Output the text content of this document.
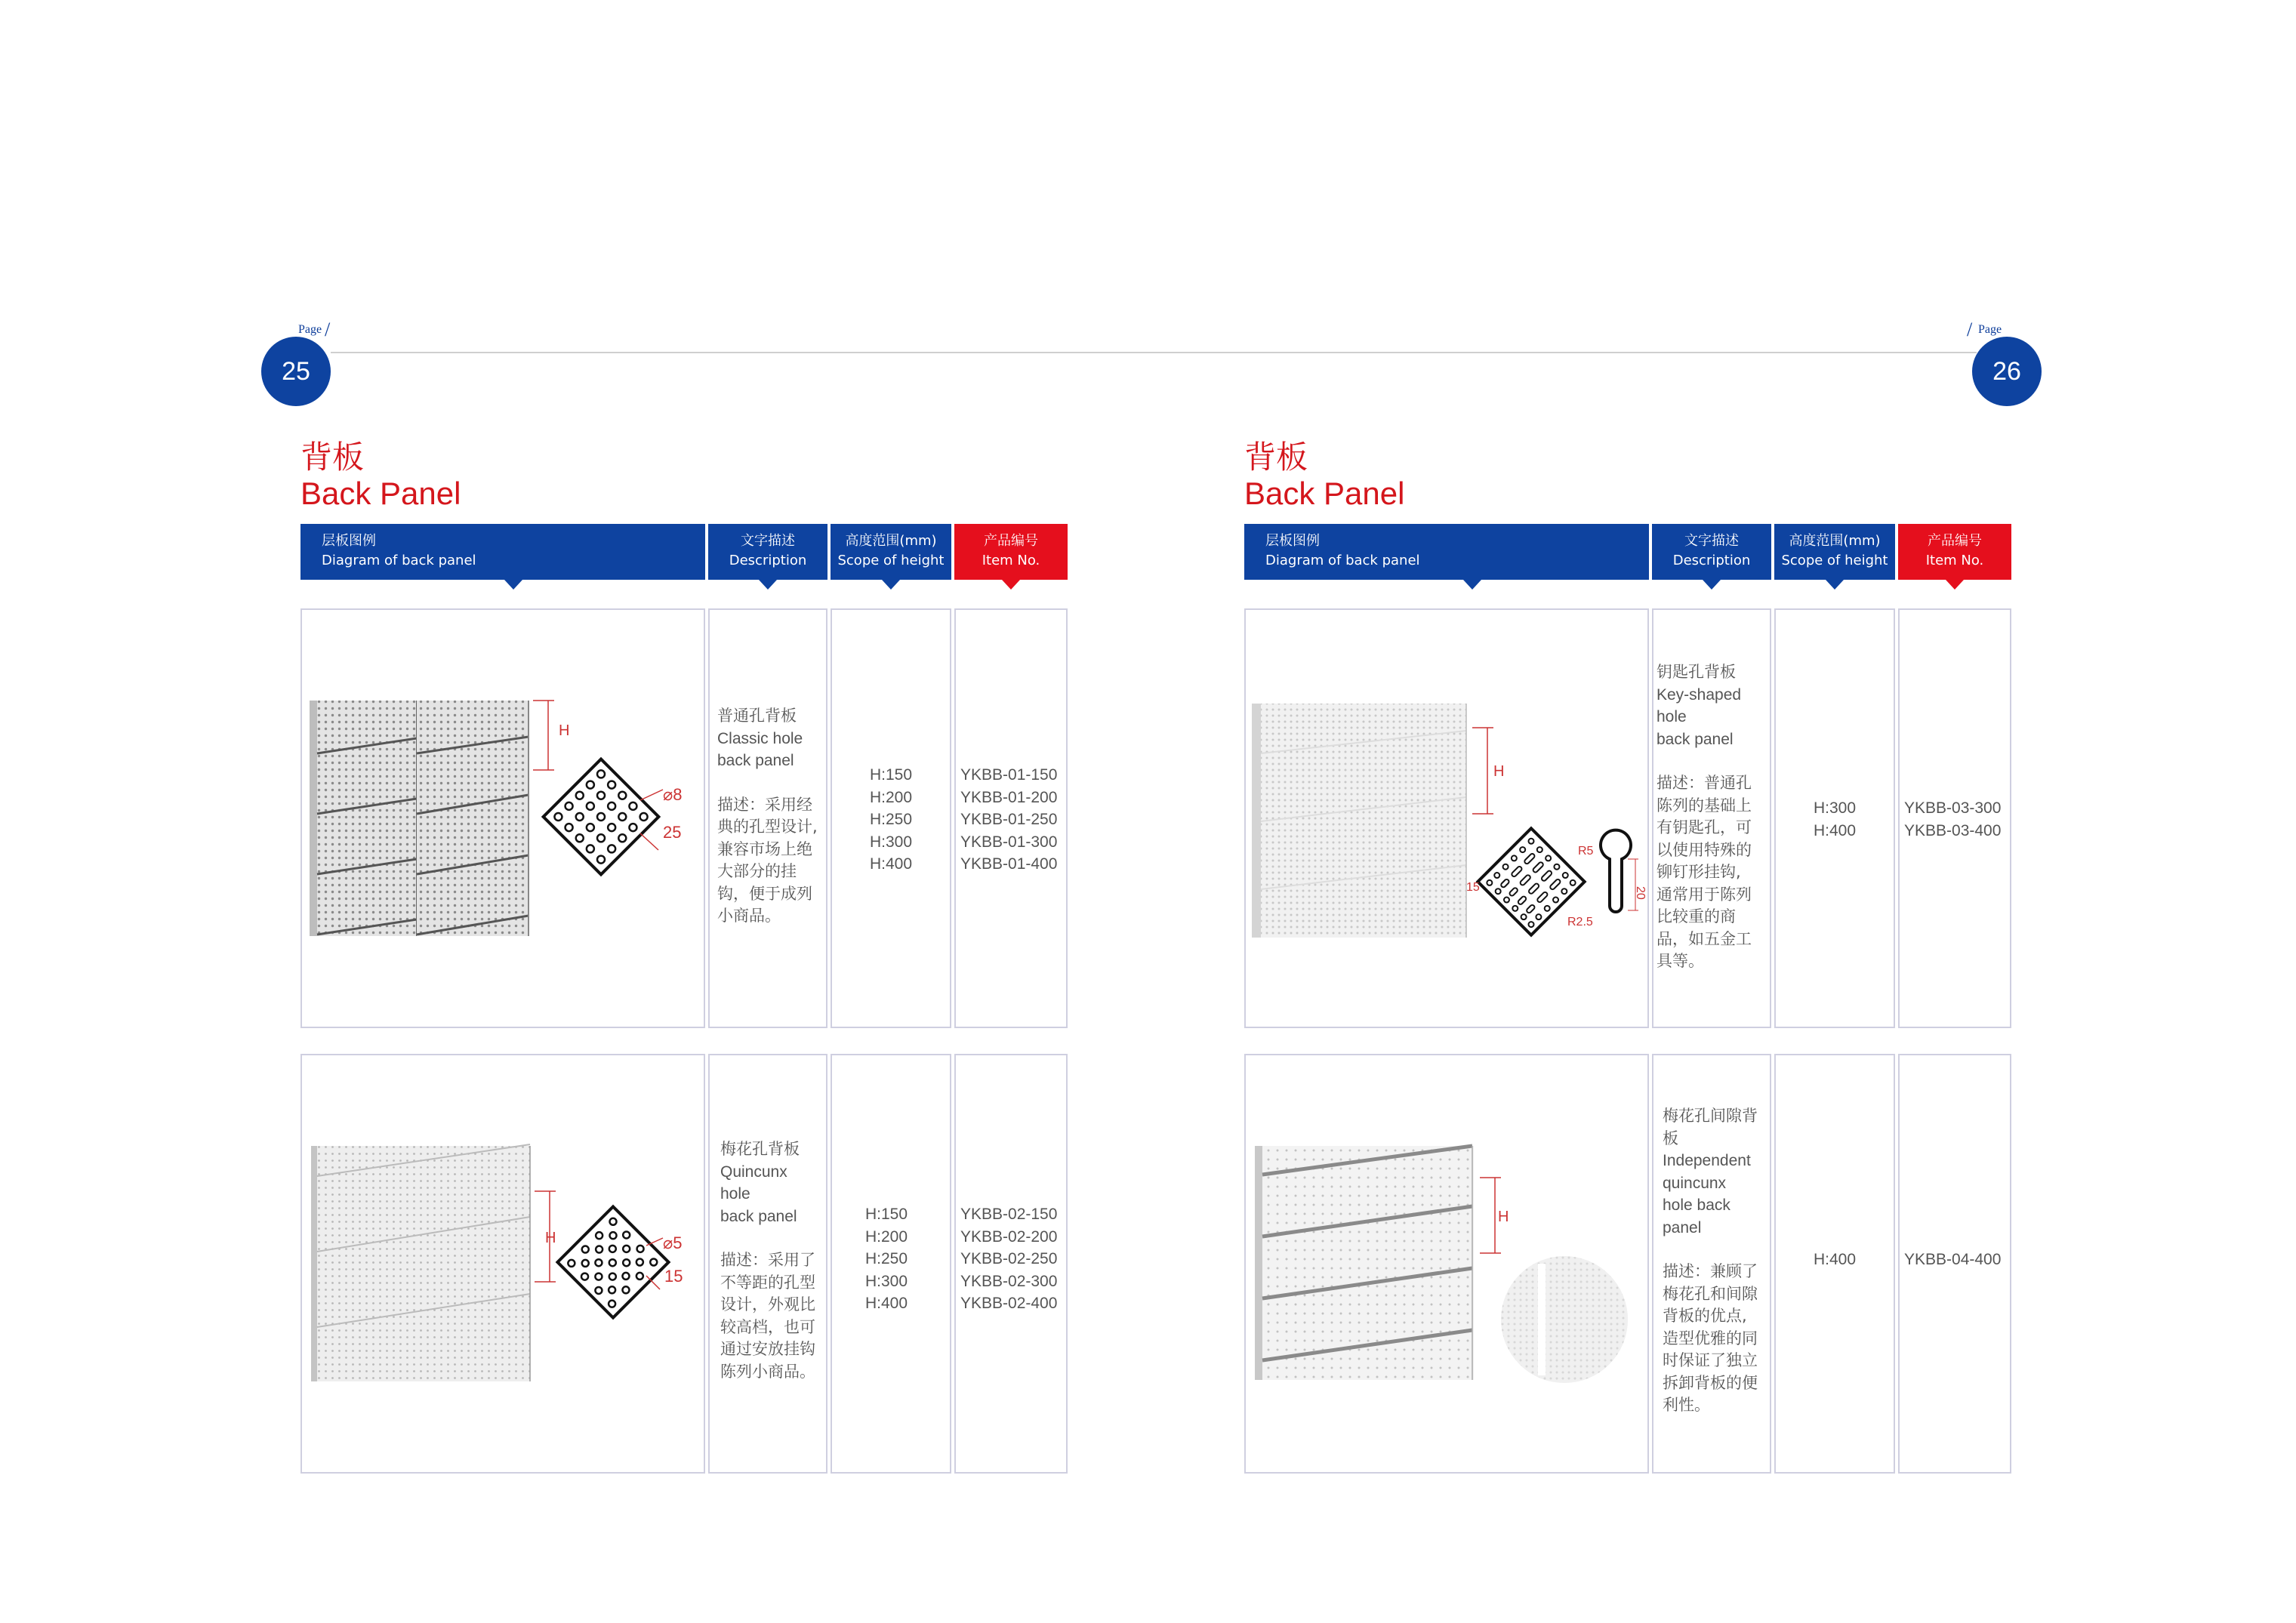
Page /
25
/ Page
26
背板
Back Panel
背板
Back Panel
层板图例
Diagram of back panel
文字描述
Description
高度范围(mm)
Scope of height
产品编号
Item No.
层板图例
Diagram of back panel
文字描述
Description
高度范围(mm)
Scope of height
产品编号
Item No.
H
⌀8
25
普通孔背板
Classic hole
back panel
描述：采用经
典的孔型设计,
兼容市场上绝
大部分的挂
钩，便于成列
小商品。
H:150
H:200
H:250
H:300
H:400
YKBB-01-150
YKBB-01-200
YKBB-01-250
YKBB-01-300
YKBB-01-400
H	⌀5
15
梅花孔背板
Quincunx
hole
back panel
描述：采用了
不等距的孔型
设计，外观比
较高档，也可
通过安放挂钩
陈列小商品。
H:150
H:200
H:250
H:300
H:400
YKBB-02-150
YKBB-02-200
YKBB-02-250
YKBB-02-300
YKBB-02-400
H
15
R5
20
R2.5
钥匙孔背板
Key-shaped
hole
back panel
描述：普通孔
陈列的基础上
有钥匙孔，可
以使用特殊的
铆钉形挂钩,
通常用于陈列
比较重的商
品，如五金工
具等。
H:300
H:400
YKBB-03-300
YKBB-03-400
H
梅花孔间隙背
板
Independent
quincunx
hole back
panel
描述：兼顾了
梅花孔和间隙
背板的优点,
造型优雅的同
时保证了独立
拆卸背板的便
利性。
H:400	YKBB-04-400
